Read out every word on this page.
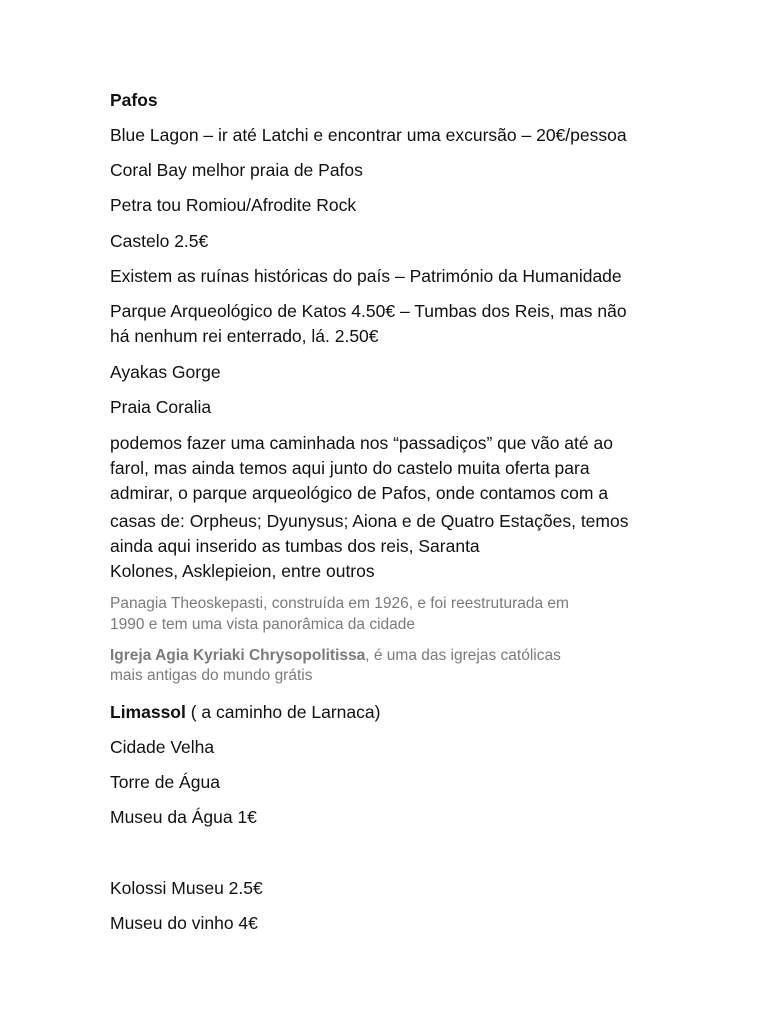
Pafos

Blue Lagon – ir até Latchi e encontrar uma excursão – 20€/pessoa

Coral Bay melhor praia de Pafos

Petra tou Romiou/Afrodite Rock

Castelo 2.5€

Existem as ruínas históricas do país – Património da Humanidade

Parque Arqueológico de Katos 4.50€ – Tumbas dos Reis, mas não

há nenhum rei enterrado, lá. 2.50€

Ayakas Gorge

Praia Coralia

podemos fazer uma caminhada nos “passadiços” que vão até ao

farol, mas ainda temos aqui junto do castelo muita oferta para

admirar, o parque arqueológico de Pafos, onde contamos com a

casas de: Orpheus; Dyunysus; Aiona e de Quatro Estações, temos

ainda aqui inserido as tumbas dos reis, Saranta

Kolones, Asklepieion, entre outros

Panagia Theoskepasti, construída em 1926, e foi reestruturada em

1990 e tem uma vista panorâmica da cidade

Igreja Agia Kyriaki Chrysopolitissa, é uma das igrejas católicas

mais antigas do mundo grátis

Limassol ( a caminho de Larnaca)

Cidade Velha

Torre de Água

Museu da Água 1€

Kolossi Museu 2.5€

Museu do vinho 4€
